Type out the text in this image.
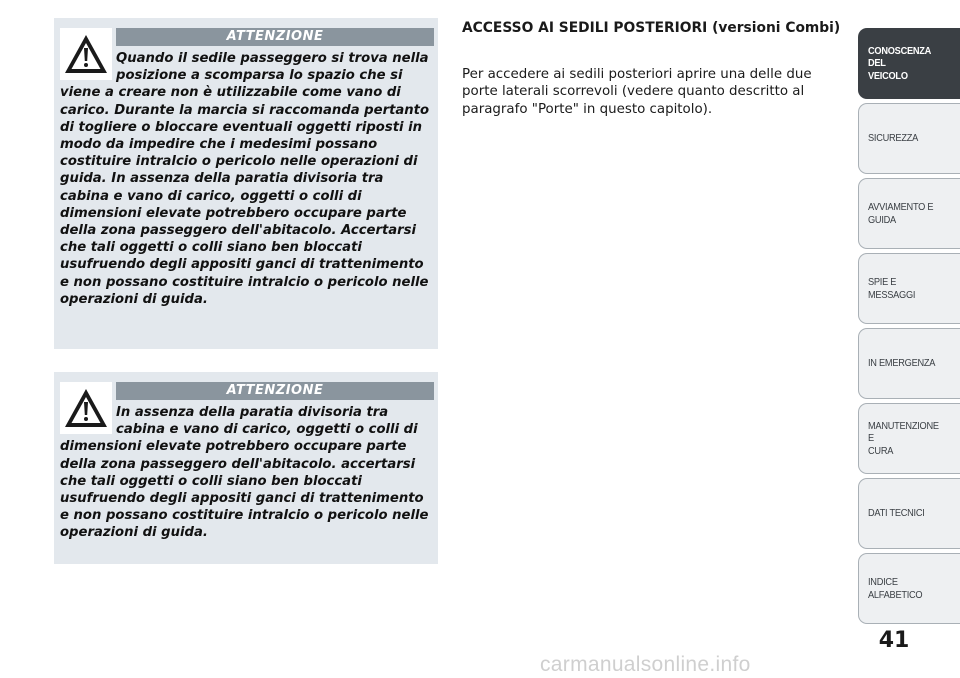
ATTENZIONE

Quando il sedile passeggero si trova nella posizione a scomparsa lo spazio che si viene a creare non è utilizzabile come vano di carico. Durante la marcia si raccomanda pertanto di togliere o bloccare eventuali oggetti riposti in modo da impedire che i medesimi possano costituire intralcio o pericolo nelle operazioni di guida. In assenza della paratia divisoria tra cabina e vano di carico, oggetti o colli di dimensioni elevate potrebbero occupare parte della zona passeggero dell'abitacolo. Accertarsi che tali oggetti o colli siano ben bloccati usufruendo degli appositi ganci di trattenimento e non possano costituire intralcio o pericolo nelle operazioni di guida.

ATTENZIONE

In assenza della paratia divisoria tra cabina e vano di carico, oggetti o colli di dimensioni elevate potrebbero occupare parte della zona passeggero dell'abitacolo. accertarsi che tali oggetti o colli siano ben bloccati usufruendo degli appositi ganci di trattenimento e non possano costituire intralcio o pericolo nelle operazioni di guida.

ACCESSO AI SEDILI POSTERIORI (versioni Combi)

Per accedere ai sedili posteriori aprire una delle due porte laterali scorrevoli (vedere quanto descritto al paragrafo "Porte" in questo capitolo).

CONOSCENZA DEL
VEICOLO
SICUREZZA
AVVIAMENTO E
GUIDA
SPIE E MESSAGGI
IN EMERGENZA
MANUTENZIONE E
CURA
DATI TECNICI
INDICE ALFABETICO
41
carmanualsonline.info
